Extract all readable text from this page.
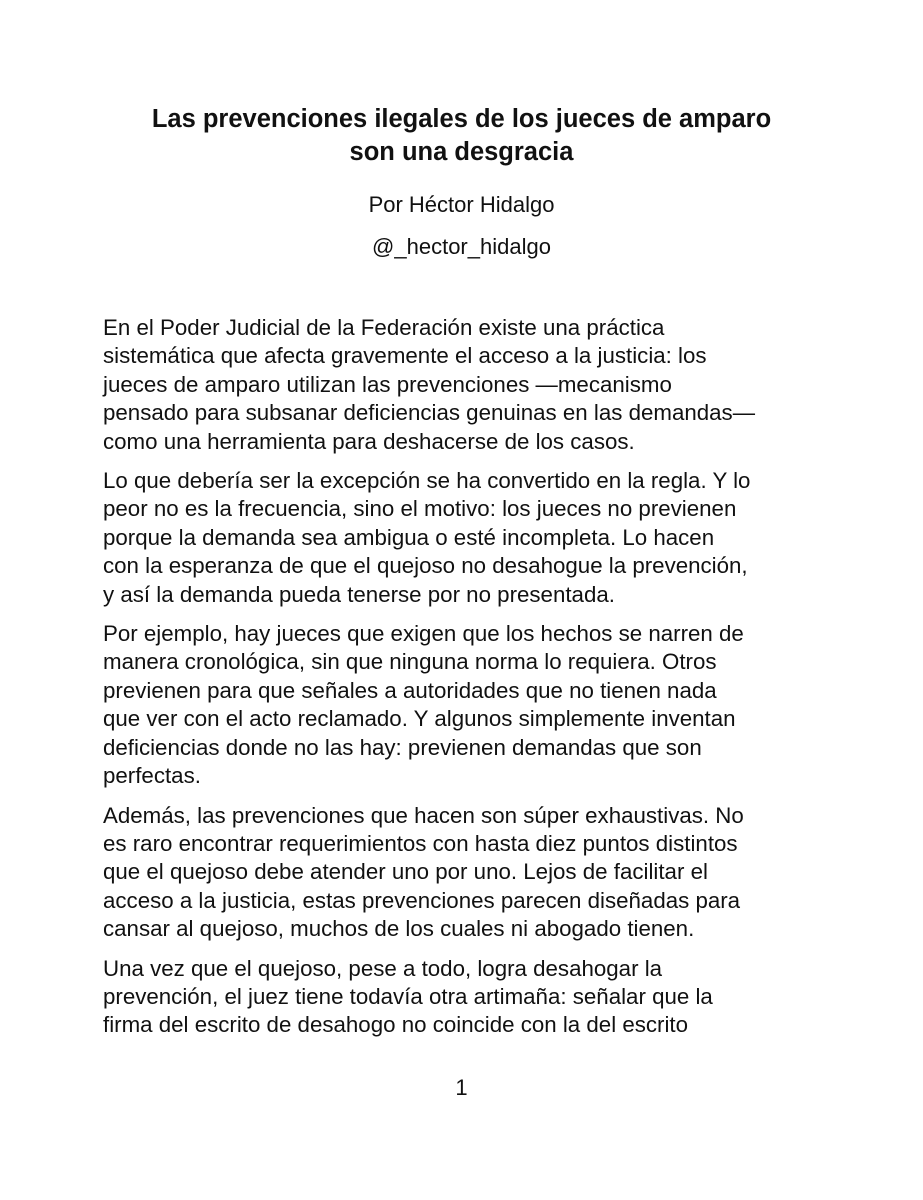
Las prevenciones ilegales de los jueces de amparo
son una desgracia

Por Héctor Hidalgo

@_hector_hidalgo

En el Poder Judicial de la Federación existe una práctica
sistemática que afecta gravemente el acceso a la justicia: los
jueces de amparo utilizan las prevenciones —mecanismo
pensado para subsanar deficiencias genuinas en las demandas—
como una herramienta para deshacerse de los casos.

Lo que debería ser la excepción se ha convertido en la regla. Y lo
peor no es la frecuencia, sino el motivo: los jueces no previenen
porque la demanda sea ambigua o esté incompleta. Lo hacen
con la esperanza de que el quejoso no desahogue la prevención,
y así la demanda pueda tenerse por no presentada.

Por ejemplo, hay jueces que exigen que los hechos se narren de
manera cronológica, sin que ninguna norma lo requiera. Otros
previenen para que señales a autoridades que no tienen nada
que ver con el acto reclamado. Y algunos simplemente inventan
deficiencias donde no las hay: previenen demandas que son
perfectas.

Además, las prevenciones que hacen son súper exhaustivas. No
es raro encontrar requerimientos con hasta diez puntos distintos
que el quejoso debe atender uno por uno. Lejos de facilitar el
acceso a la justicia, estas prevenciones parecen diseñadas para
cansar al quejoso, muchos de los cuales ni abogado tienen.

Una vez que el quejoso, pese a todo, logra desahogar la
prevención, el juez tiene todavía otra artimaña: señalar que la
firma del escrito de desahogo no coincide con la del escrito

1
